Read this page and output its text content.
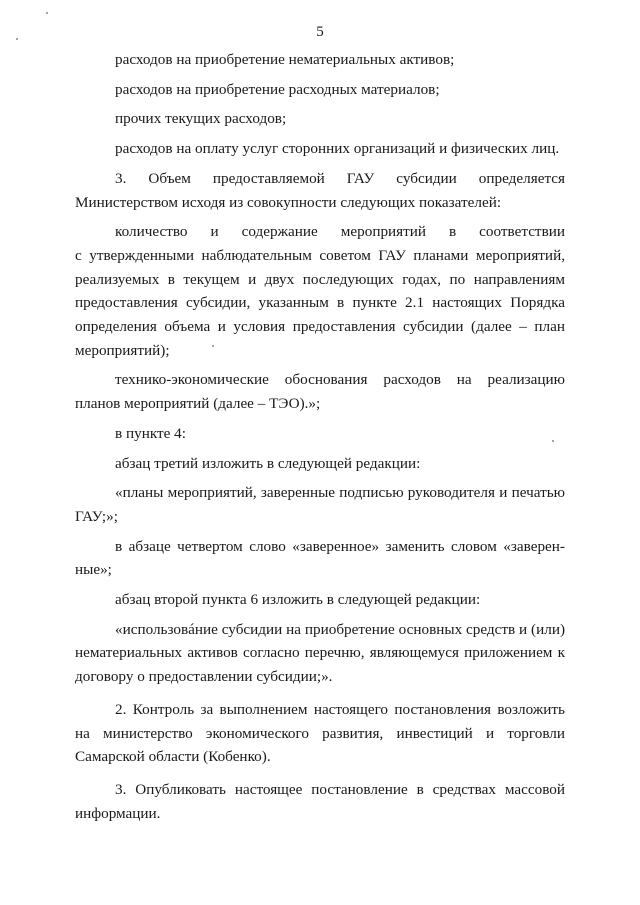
5

расходов на приобретение нематериальных активов;

расходов на приобретение расходных материалов;

прочих текущих расходов;

расходов на оплату услуг сторонних организаций и физических лиц.

3. Объем предоставляемой ГАУ субсидии определяется

Министерством исходя из совокупности следующих показателей:

количество и содержание мероприятий в соответствии

с утвержденными наблюдательным советом ГАУ планами мероприятий,

реализуемых в текущем и двух последующих годах, по направлениям

предоставления субсидии, указанным в пункте 2.1 настоящих Порядка

определения объема и условия предоставления субсидии (далее – план

мероприятий);

технико-экономические обоснования расходов на реализацию

планов мероприятий (далее – ТЭО).»;

в пункте 4:

абзац третий изложить в следующей редакции:

«планы мероприятий, заверенные подписью руководителя и печатью

ГАУ;»;

в абзаце четвертом слово «заверенное» заменить словом «заверен-

ные»;

абзац второй пункта 6 изложить в следующей редакции:

«использовáние субсидии на приобретение основных средств и (или)

нематериальных активов согласно перечню, являющемуся приложением к

договору о предоставлении субсидии;».

2. Контроль за выполнением настоящего постановления возложить

на министерство экономического развития, инвестиций и торговли

Самарской области (Кобенко).

3. Опубликовать настоящее постановление в средствах массовой

информации.
